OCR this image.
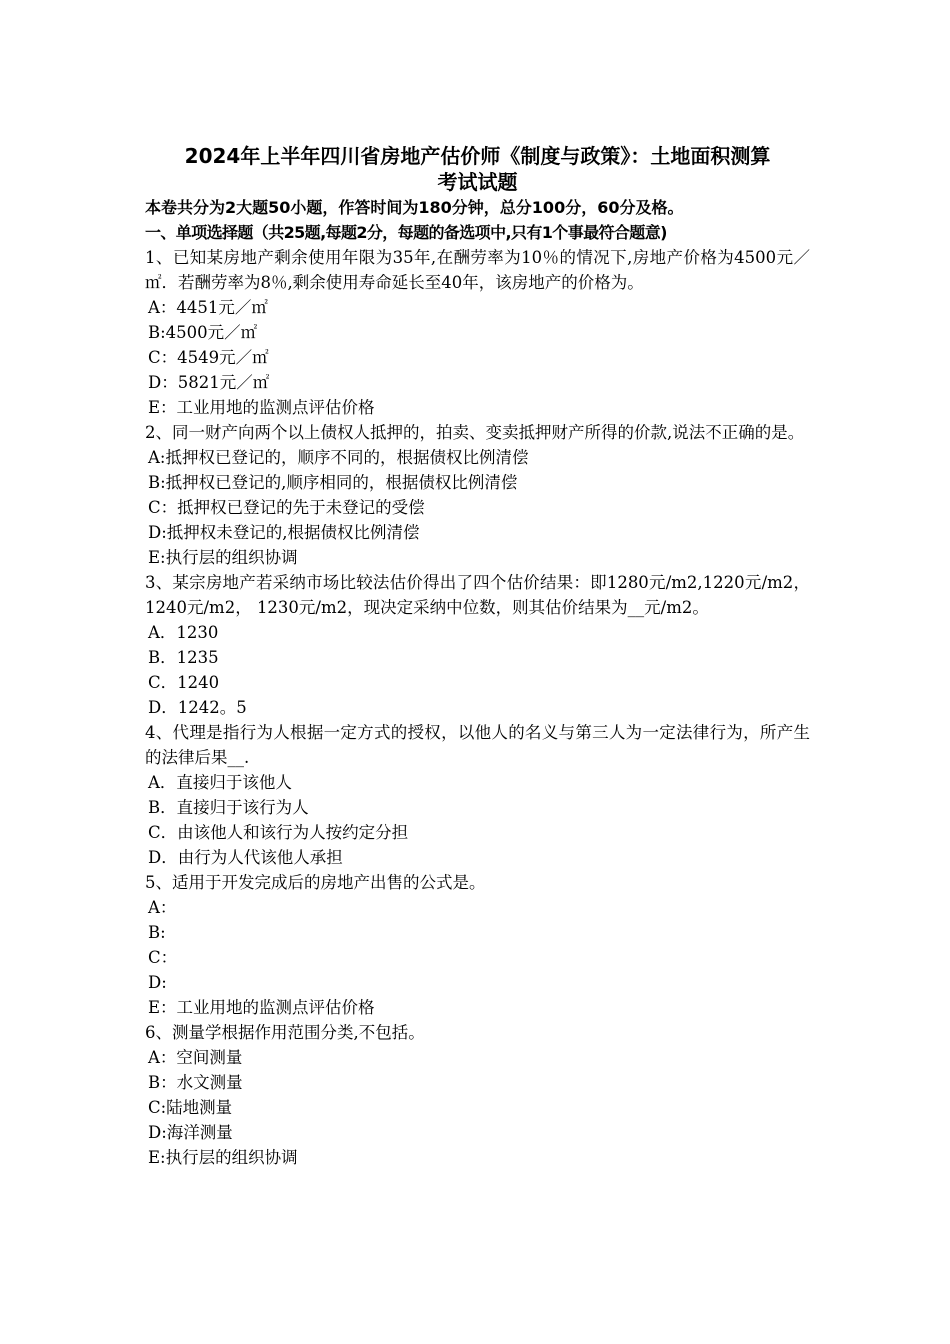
2024年上半年四川省房地产估价师《制度与政策》：土地面积测算
考试试题

本卷共分为2大题50小题，作答时间为180分钟，总分100分，60分及格。

一、单项选择题（共25题,每题2分，每题的备选项中,只有1个事最符合题意)

1、已知某房地产剩余使用年限为35年,在酬劳率为10％的情况下,房地产价格为4500元／㎡．若酬劳率为8％,剩余使用寿命延长至40年，该房地产的价格为。

A：4451元／㎡

B:4500元／㎡

C：4549元／㎡

D：5821元／㎡

E：工业用地的监测点评估价格

2、同一财产向两个以上债权人抵押的，拍卖、变卖抵押财产所得的价款,说法不正确的是。

A:抵押权已登记的，顺序不同的，根据债权比例清偿

B:抵押权已登记的,顺序相同的，根据债权比例清偿

C：抵押权已登记的先于未登记的受偿

D:抵押权未登记的,根据债权比例清偿

E:执行层的组织协调

3、某宗房地产若采纳市场比较法估价得出了四个估价结果：即1280元/m2,1220元/m2，1240元/m2， 1230元/m2，现决定采纳中位数，则其估价结果为__元/m2。

A．1230

B．1235

C．1240

D．1242。5

4、代理是指行为人根据一定方式的授权，以他人的名义与第三人为一定法律行为，所产生的法律后果__.

A．直接归于该他人

B．直接归于该行为人

C．由该他人和该行为人按约定分担

D．由行为人代该他人承担

5、适用于开发完成后的房地产出售的公式是。

A：

B:

C：

D:

E：工业用地的监测点评估价格

6、测量学根据作用范围分类,不包括。

A：空间测量

B：水文测量

C:陆地测量

D:海洋测量

E:执行层的组织协调
